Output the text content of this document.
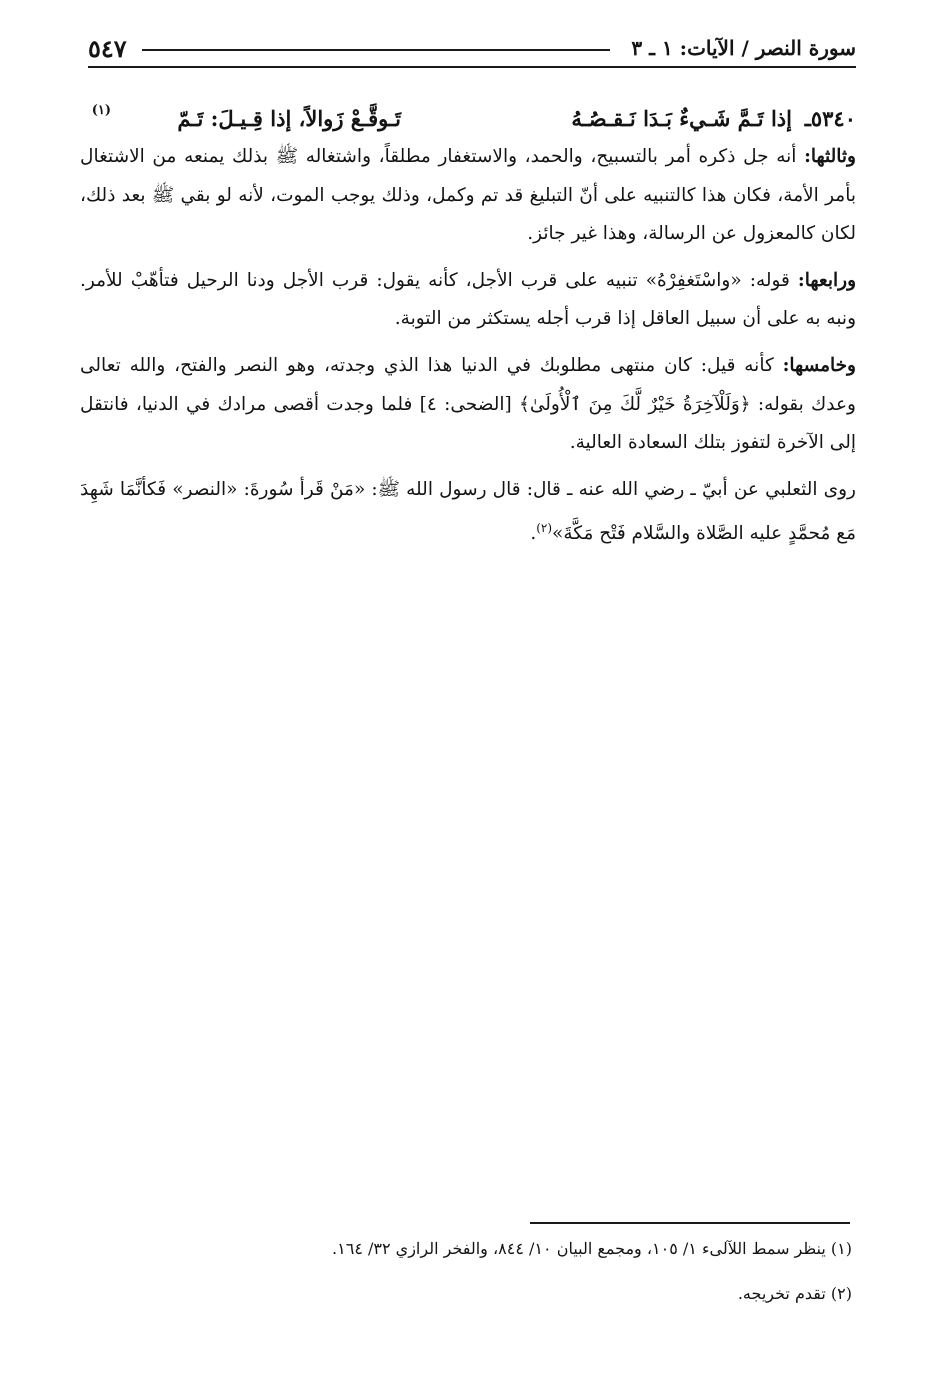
سورة النصر / الآيات: ١ ـ ٣
٥٤٧
٥٣٤٠ـ
إذا تَـمَّ شَـيءٌ بَـدَا نَـقـصُـهُ
تَـوقَّـعْ زَوالاً، إذا قِـيـلَ: تَـمّ
(١)

وثالثها: أنه جل ذكره أمر بالتسبيح، والحمد، والاستغفار مطلقاً، واشتغاله ﷺ بذلك يمنعه من الاشتغال بأمر الأمة، فكان هذا كالتنبيه على أنّ التبليغ قد تم وكمل، وذلك يوجب الموت، لأنه لو بقي ﷺ بعد ذلك، لكان كالمعزول عن الرسالة، وهذا غير جائز.

ورابعها: قوله: «واسْتَغفِرْهُ» تنبيه على قرب الأجل، كأنه يقول: قرب الأجل ودنا الرحيل فتأهّبْ للأمر. ونبه به على أن سبيل العاقل إذا قرب أجله يستكثر من التوبة.

وخامسها: كأنه قيل: كان منتهى مطلوبك في الدنيا هذا الذي وجدته، وهو النصر والفتح، والله تعالى وعدك بقوله: ﴿وَلَلْآخِرَةُ خَيْرٌ لَّكَ مِنَ ٱلْأُولَىٰ﴾ [الضحى: ٤] فلما وجدت أقصى مرادك في الدنيا، فانتقل إلى الآخرة لتفوز بتلك السعادة العالية.

روى الثعلبي عن أبيّ ـ رضي الله عنه ـ قال: قال رسول الله ﷺ: «مَنْ قَرأ سُورةَ: «النصر» فَكأنَّمَا شَهِدَ مَع مُحمَّدٍ عليه الصَّلاة والسَّلام فَتْح مَكَّةَ»$^{(٢)}$.

(١) ينظر سمط اللآلىء ١/ ١٠٥، ومجمع البيان ١٠/ ٨٤٤، والفخر الرازي ٣٢/ ١٦٤.

(٢) تقدم تخريجه.
